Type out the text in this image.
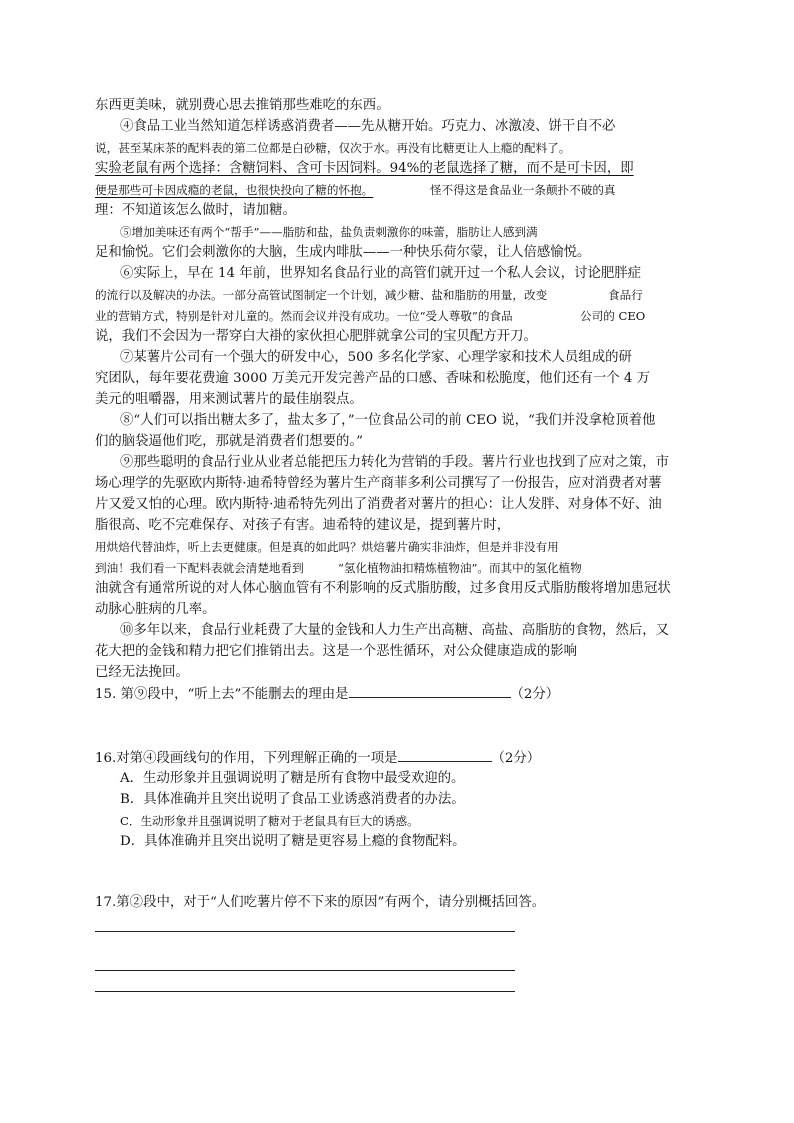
东西更美味，就别费心思去推销那些难吃的东西。
④食品工业当然知道怎样诱惑消费者——先从糖开始。巧克力、冰激凌、饼干自不必
说，甚至某床茶的配料表的第二位都是白砂糖，仅次于水。再没有比糖更让人上瘾的配料了。
实验老鼠有两个选择：含糖饲料、含可卡因饲料。94%的老鼠选择了糖，而不是可卡因，即
便是那些可卡因成瘾的老鼠，也很快投向了糖的怀抱。	怪不得这是食品业一条颠扑不破的真
理：不知道该怎么做时，请加糖。
⑤增加美味还有两个“帮手”——脂肪和盐，盐负责刺激你的味蕾，脂肪让人感到满
足和愉悦。它们会刺激你的大脑，生成内啡肽——一种快乐荷尔蒙，让人倍感愉悦。
⑥实际上，早在 14 年前，世界知名食品行业的高管们就开过一个私人会议，讨论肥胖症
的流行以及解决的办法。一部分高管试图制定一个计划，减少糖、盐和脂肪的用量，改变	食品行
业的营销方式，特别是针对儿童的。然而会议并没有成功。一位“受人尊敬”的食品	公司的 CEO
说，我们不会因为一帮穿白大褂的家伙担心肥胖就拿公司的宝贝配方开刀。
⑦某薯片公司有一个强大的研发中心，500 多名化学家、心理学家和技术人员组成的研
究团队，每年要花费逾 3000 万美元开发完善产品的口感、香味和松脆度，他们还有一个 4 万
美元的咀嚼器，用来测试薯片的最佳崩裂点。
⑧“人们可以指出糖太多了，盐太多了，”一位食品公司的前 CEO 说，“我们并没拿枪顶着他
们的脑袋逼他们吃，那就是消费者们想要的。”
⑨那些聪明的食品行业从业者总能把压力转化为营销的手段。薯片行业也找到了应对之策，市
场心理学的先驱欧内斯特·迪希特曾经为薯片生产商菲多利公司撰写了一份报告，应对消费者对薯
片又爱又怕的心理。欧内斯特·迪希特先列出了消费者对薯片的担心：让人发胖、对身体不好、油
脂很高、吃不完难保存、对孩子有害。迪希特的建议是，提到薯片时，
用烘焙代替油炸，听上去更健康。但是真的如此吗？烘焙薯片确实非油炸，但是并非没有用
到油！我们看一下配料表就会清楚地看到	“氢化植物油扣精炼植物油”。而其中的氢化植物
油就含有通常所说的对人体心脑血管有不利影响的反式脂肪酸，过多食用反式脂肪酸将增加患冠状
动脉心脏病的几率。
⑩多年以来，食品行业耗费了大量的金钱和人力生产出高糖、高盐、高脂肪的食物，然后，又
花大把的金钱和精力把它们推销出去。这是一个恶性循环，对公众健康造成的影响
已经无法挽回。
15. 第⑨段中，“听上去”不能删去的理由是	（2分）
16.对第④段画线句的作用，下列理解正确的一项是	（2分）
A．生动形象并且强调说明了糖是所有食物中最受欢迎的。
B．具体准确并且突出说明了食品工业诱惑消费者的办法。
C．生动形象并且强调说明了糖对于老鼠具有巨大的诱惑。
D．具体准确并且突出说明了糖是更容易上瘾的食物配料。
17.第②段中，对于“人们吃薯片停不下来的原因”有两个，请分别概括回答。
